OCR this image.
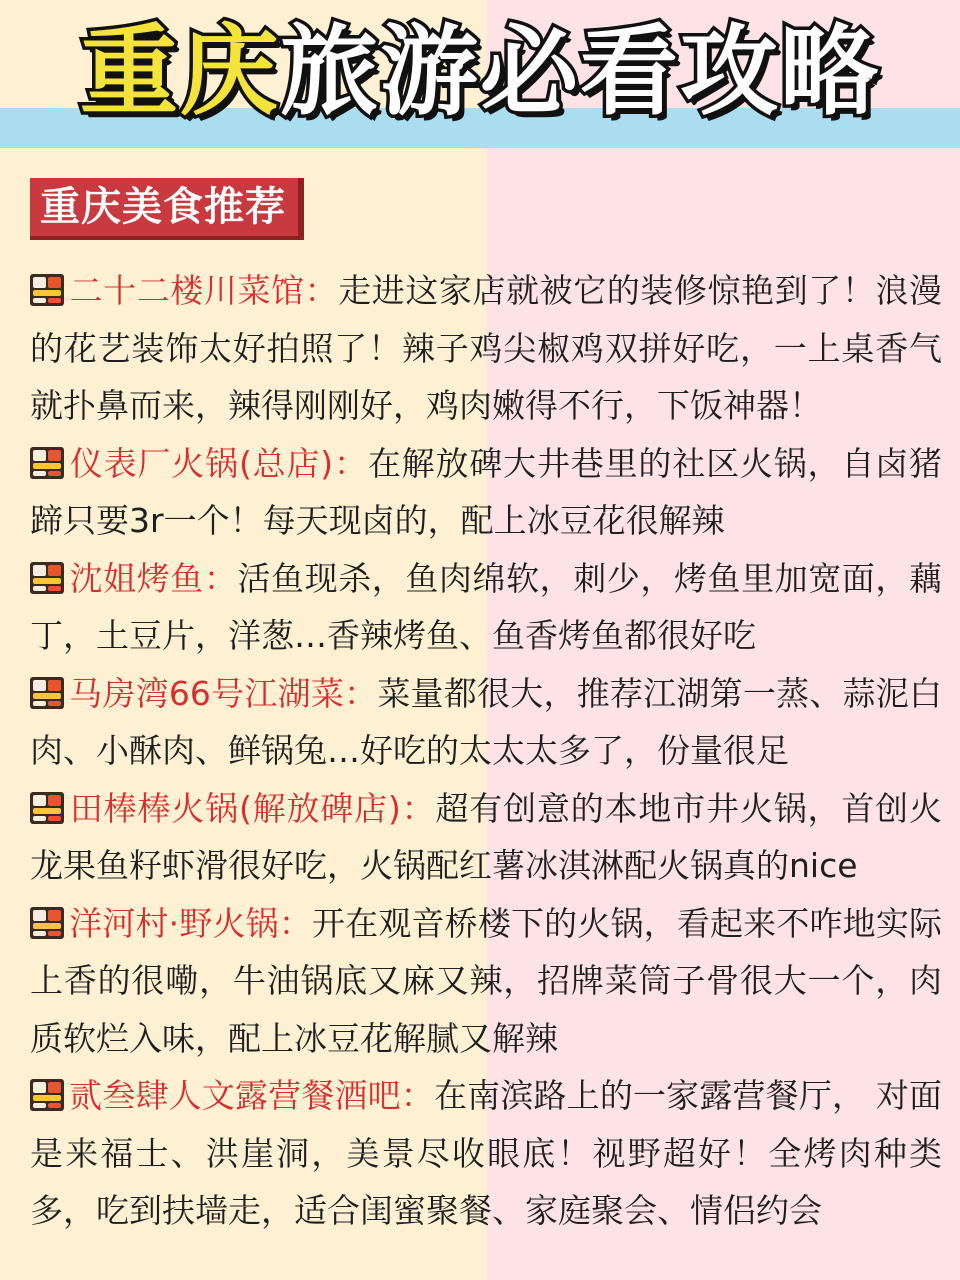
重庆旅游必看攻略
重庆美食推荐
二十二楼川菜馆：走进这家店就被它的装修惊艳到了！浪漫的花艺装饰太好拍照了！辣子鸡尖椒鸡双拼好吃，一上桌香气就扑鼻而来，辣得刚刚好，鸡肉嫩得不行，下饭神器！
仪表厂火锅(总店)：在解放碑大井巷里的社区火锅，自卤猪蹄只要3r一个！每天现卤的，配上冰豆花很解辣
沈姐烤鱼：活鱼现杀，鱼肉绵软，刺少，烤鱼里加宽面，藕丁，土豆片，洋葱…香辣烤鱼、鱼香烤鱼都很好吃
马房湾66号江湖菜：菜量都很大，推荐江湖第一蒸、蒜泥白肉、小酥肉、鲜锅兔…好吃的太太太多了，份量很足
田棒棒火锅(解放碑店)：超有创意的本地市井火锅，首创火龙果鱼籽虾滑很好吃，火锅配红薯冰淇淋配火锅真的nice
洋河村·野火锅：开在观音桥楼下的火锅，看起来不咋地实际上香的很嘞，牛油锅底又麻又辣，招牌菜筒子骨很大一个，肉质软烂入味，配上冰豆花解腻又解辣
贰叁肆人文露营餐酒吧：在南滨路上的一家露营餐厅， 对面是来福士、洪崖洞，美景尽收眼底！视野超好！全烤肉种类多，吃到扶墙走，适合闺蜜聚餐、家庭聚会、情侣约会
